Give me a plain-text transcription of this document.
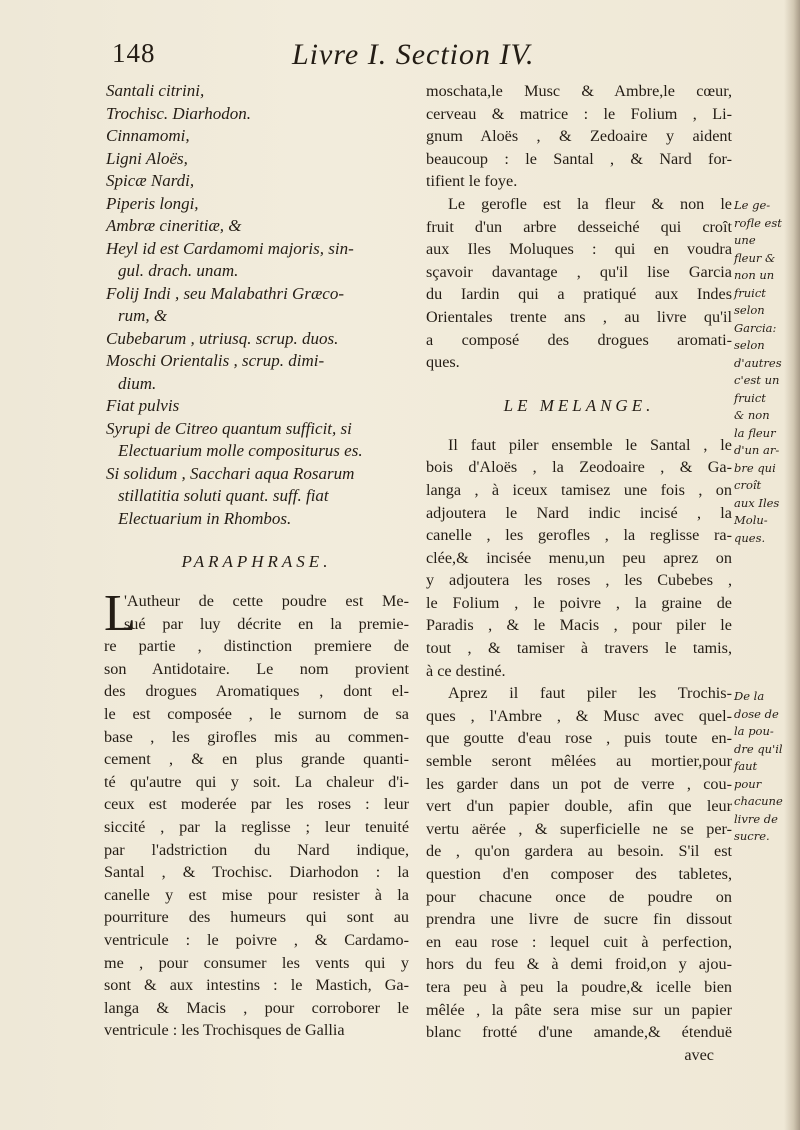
148	Livre I. Section IV.
Santali citrini,
Trochisc. Diarhodon.
Cinnamomi,
Ligni Aloës,
Spicæ Nardi,
Piperis longi,
Ambræ cineritiæ, &
Heyl id est Cardamomi majoris, sin-
gul. drach. unam.
Folij Indi , seu Malabathri Græco-
rum, &
Cubebarum , utriusq. scrup. duos.
Moschi Orientalis , scrup. dimi-
dium.
Fiat pulvis
Syrupi de Citreo quantum sufficit, si
Electuarium molle compositurus es.
Si solidum , Sacchari aqua Rosarum
stillatitia soluti quant. suff. fiat
Electuarium in Rhombos.
PARAPHRASE.
L
'Autheur de cette poudre est Me-
sué par luy décrite en la premie-
re partie , distinction premiere de
son Antidotaire. Le nom provient
des drogues Aromatiques , dont el-
le est composée , le surnom de sa
base , les girofles mis au commen-
cement , & en plus grande quanti-
té qu'autre qui y soit. La chaleur d'i-
ceux est moderée par les roses : leur
siccité , par la reglisse ; leur tenuité
par l'adstriction du Nard indique,
Santal , & Trochisc. Diarhodon : la
canelle y est mise pour resister à la
pourriture des humeurs qui sont au
ventricule : le poivre , & Cardamo-
me , pour consumer les vents qui y
sont & aux intestins : le Mastich, Ga-
langa & Macis , pour corroborer le
ventricule : les Trochisques de Gallia
moschata,le Musc & Ambre,le cœur,
cerveau & matrice : le Folium , Li-
gnum Aloës , & Zedoaire y aident
beaucoup : le Santal , & Nard for-
tifient le foye.
Le gerofle est la fleur & non le
fruit d'un arbre desseiché qui croît
aux Iles Moluques : qui en voudra
sçavoir davantage , qu'il lise Garcia
du Iardin qui a pratiqué aux Indes
Orientales trente ans , au livre qu'il
a composé des drogues aromati-
ques.
LE MELANGE.
Il faut piler ensemble le Santal , le
bois d'Aloës , la Zeodoaire , & Ga-
langa , à iceux tamisez une fois , on
adjoutera le Nard indic incisé , la
canelle , les gerofles , la reglisse ra-
clée,& incisée menu,un peu aprez on
y adjoutera les roses , les Cubebes ,
le Folium , le poivre , la graine de
Paradis , & le Macis , pour piler le
tout , & tamiser à travers le tamis,
à ce destiné.
Aprez il faut piler les Trochis-
ques , l'Ambre , & Musc avec quel-
que goutte d'eau rose , puis toute en-
semble seront mêlées au mortier,pour
les garder dans un pot de verre , cou-
vert d'un papier double, afin que leur
vertu aërée , & superficielle ne se per-
de , qu'on gardera au besoin. S'il est
question d'en composer des tabletes,
pour chacune once de poudre on
prendra une livre de sucre fin dissout
en eau rose : lequel cuit à perfection,
hors du feu & à demi froid,on y ajou-
tera peu à peu la poudre,& icelle bien
mêlée , la pâte sera mise sur un papier
blanc frotté d'une amande,& étenduë
avec
Le ge-
rofle est
une
fleur &
non un
fruict
selon
Garcia:
selon
d'autres
c'est un
fruict
& non
la fleur
d'un ar-
bre qui
croît
aux Iles
Molu-
ques.
De la
dose de
la pou-
dre qu'il
faut
pour
chacune
livre de
sucre.
